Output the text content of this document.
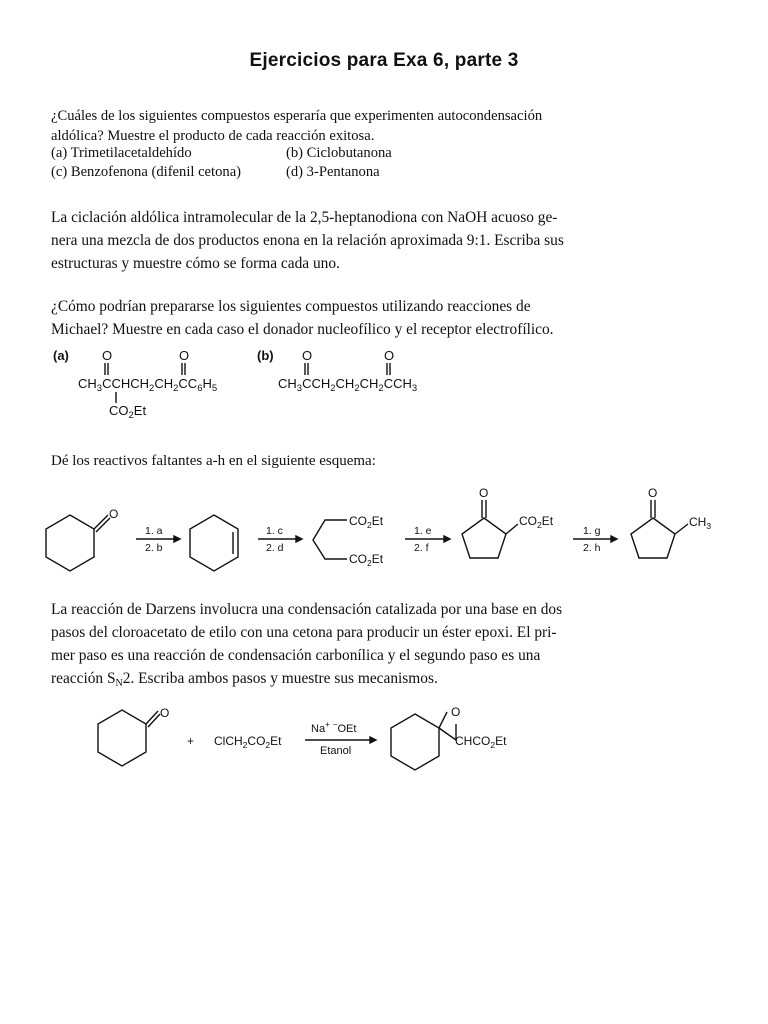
Ejercicios para Exa 6, parte 3
¿Cuáles de los siguientes compuestos esperaría que experimenten autocondensación
aldólica? Muestre el producto de cada reacción exitosa.
(a) Trimetilacetaldehído	(b) Ciclobutanona
(c) Benzofenona (difenil cetona)	(d) 3-Pentanona
La ciclación aldólica intramolecular de la 2,5-heptanodiona con NaOH acuoso ge-
nera una mezcla de dos productos enona en la relación aproximada 9:1. Escriba sus
estructuras y muestre cómo se forma cada uno.
¿Cómo podrían prepararse los siguientes compuestos utilizando reacciones de
Michael? Muestre en cada caso el donador nucleofílico y el receptor electrofílico.
(a)	(b)
O	O	O	O
$CH_3CCHCH_2CH_2CC_6H_5$
$CO_2Et$
$CH_3CCH_2CH_2CH_2CCH_3$
Dé los reactivos faltantes a-h en el siguiente esquema:
La reacción de Darzens involucra una condensación catalizada por una base en dos
pasos del cloroacetato de etilo con una cetona para producir un éster epoxi. El pri-
mer paso es una reacción de condensación carbonílica y el segundo paso es una
reacción SN2. Escriba ambos pasos y muestre sus mecanismos.
O
1. a
2. b
1. c
2. d
1. e
2. f
1. g
2. h
$CO_2Et$
$CO_2Et$
O
$CO_2Et$
O
$CH_3$
O
+ $ClCH_2CO_2Et$
Na+ −OEt
Etanol
O
$CHCO_2Et$
